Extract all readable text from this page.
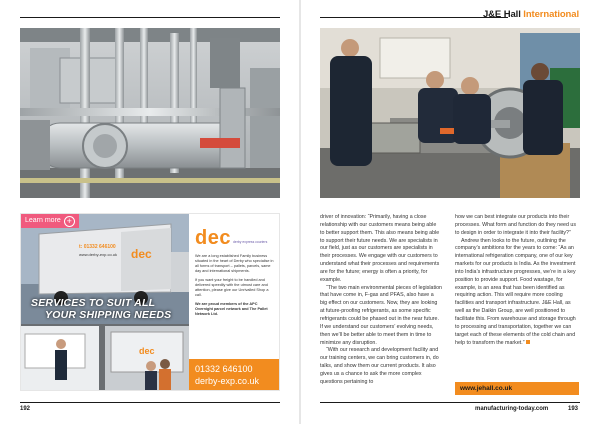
J&E Hall International
t: 01332 646100
www.derby-exp.co.uk dec
dec
Learn more +
SERVICES TO SUIT ALL
YOUR SHIPPING NEEDS
dec derby express couriers

We are a long established Family business situated in the heart of Derby who specialise in all forms of transport – pallets, parcels, same day and international shipments.

If you want your freight to be handled and delivered speedily with the utmost care and attention, please give our Unrivalled Shop a call.

We are proud members of the APC Overnight parcel network and The Pallet Network Ltd.

01332 646100
derby-exp.co.uk

driver of innovation: “Primarily, having a close relationship with our customers means being able to better support them. This also means being able to support their future needs. We are specialists in our field, just as our customers are specialists in their processes. We engage with our customers to understand what their processes and requirements are for the future; energy is often a priority, for example.

“The two main environmental pieces of legislation that have come in, F-gas and PFAS, also have a big effect on our customers. Now, they are looking at future-proofing refrigerants, as some specific refrigerants could be phased out in the near future. If we understand our customers’ evolving needs, then we’ll be better able to meet them in time to minimize any disruption.

“With our research and development facility and our training centers, we can bring customers in, do talks, and show them our current products. It also gives us a chance to ask the more complex questions pertaining to

how we can best integrate our products into their processes. What form and function do they need us to design in order to integrate it into their facility?”

Andrew then looks to the future, outlining the company’s ambitions for the years to come: “As an international refrigeration company, one of our key markets for our products is India. As the investment into India’s infrastructure progresses, we’re in a key position to provide support. Food wastage, for example, is an area that has been identified as requiring action. This will require more cooling facilities and transport infrastructure. J&E Hall, as well as the Daikin Group, are well positioned to facilitate this. From warehouse and storage through to processing and transportation, together we can target each of these elements of the cold chain and help to transform the market.”

www.jehall.co.uk
192	manufacturing-today.com	193
